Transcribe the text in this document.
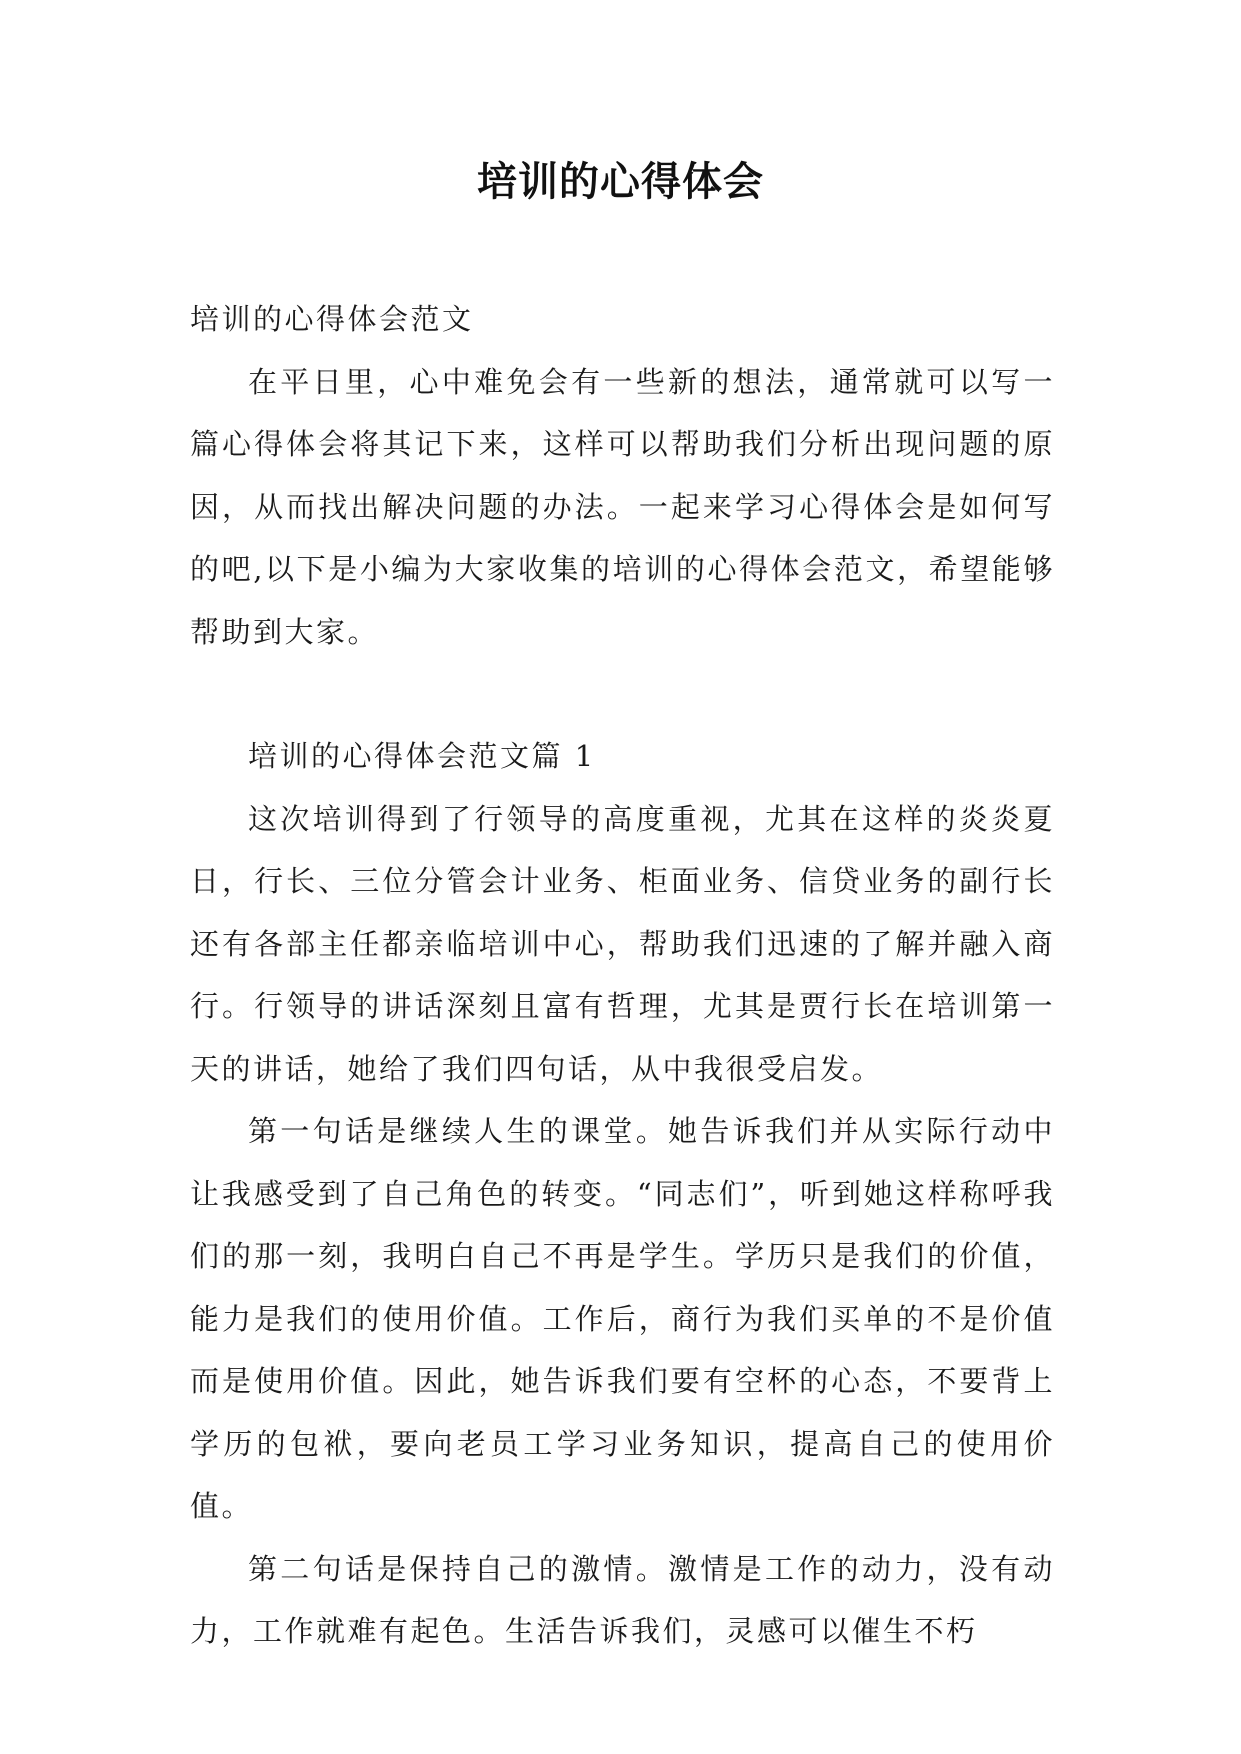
培训的心得体会

培训的心得体会范文

在平日里，心中难免会有一些新的想法，通常就可以写一篇心得体会将其记下来，这样可以帮助我们分析出现问题的原因，从而找出解决问题的办法。一起来学习心得体会是如何写的吧,以下是小编为大家收集的培训的心得体会范文，希望能够帮助到大家。

培训的心得体会范文篇 1

这次培训得到了行领导的高度重视，尤其在这样的炎炎夏日，行长、三位分管会计业务、柜面业务、信贷业务的副行长还有各部主任都亲临培训中心，帮助我们迅速的了解并融入商行。行领导的讲话深刻且富有哲理，尤其是贾行长在培训第一天的讲话，她给了我们四句话，从中我很受启发。

第一句话是继续人生的课堂。她告诉我们并从实际行动中让我感受到了自己角色的转变。“同志们”，听到她这样称呼我们的那一刻，我明白自己不再是学生。学历只是我们的价值，能力是我们的使用价值。工作后，商行为我们买单的不是价值而是使用价值。因此，她告诉我们要有空杯的心态，不要背上学历的包袱，要向老员工学习业务知识，提高自己的使用价值。

第二句话是保持自己的激情。激情是工作的动力，没有动力，工作就难有起色。生活告诉我们，灵感可以催生不朽
